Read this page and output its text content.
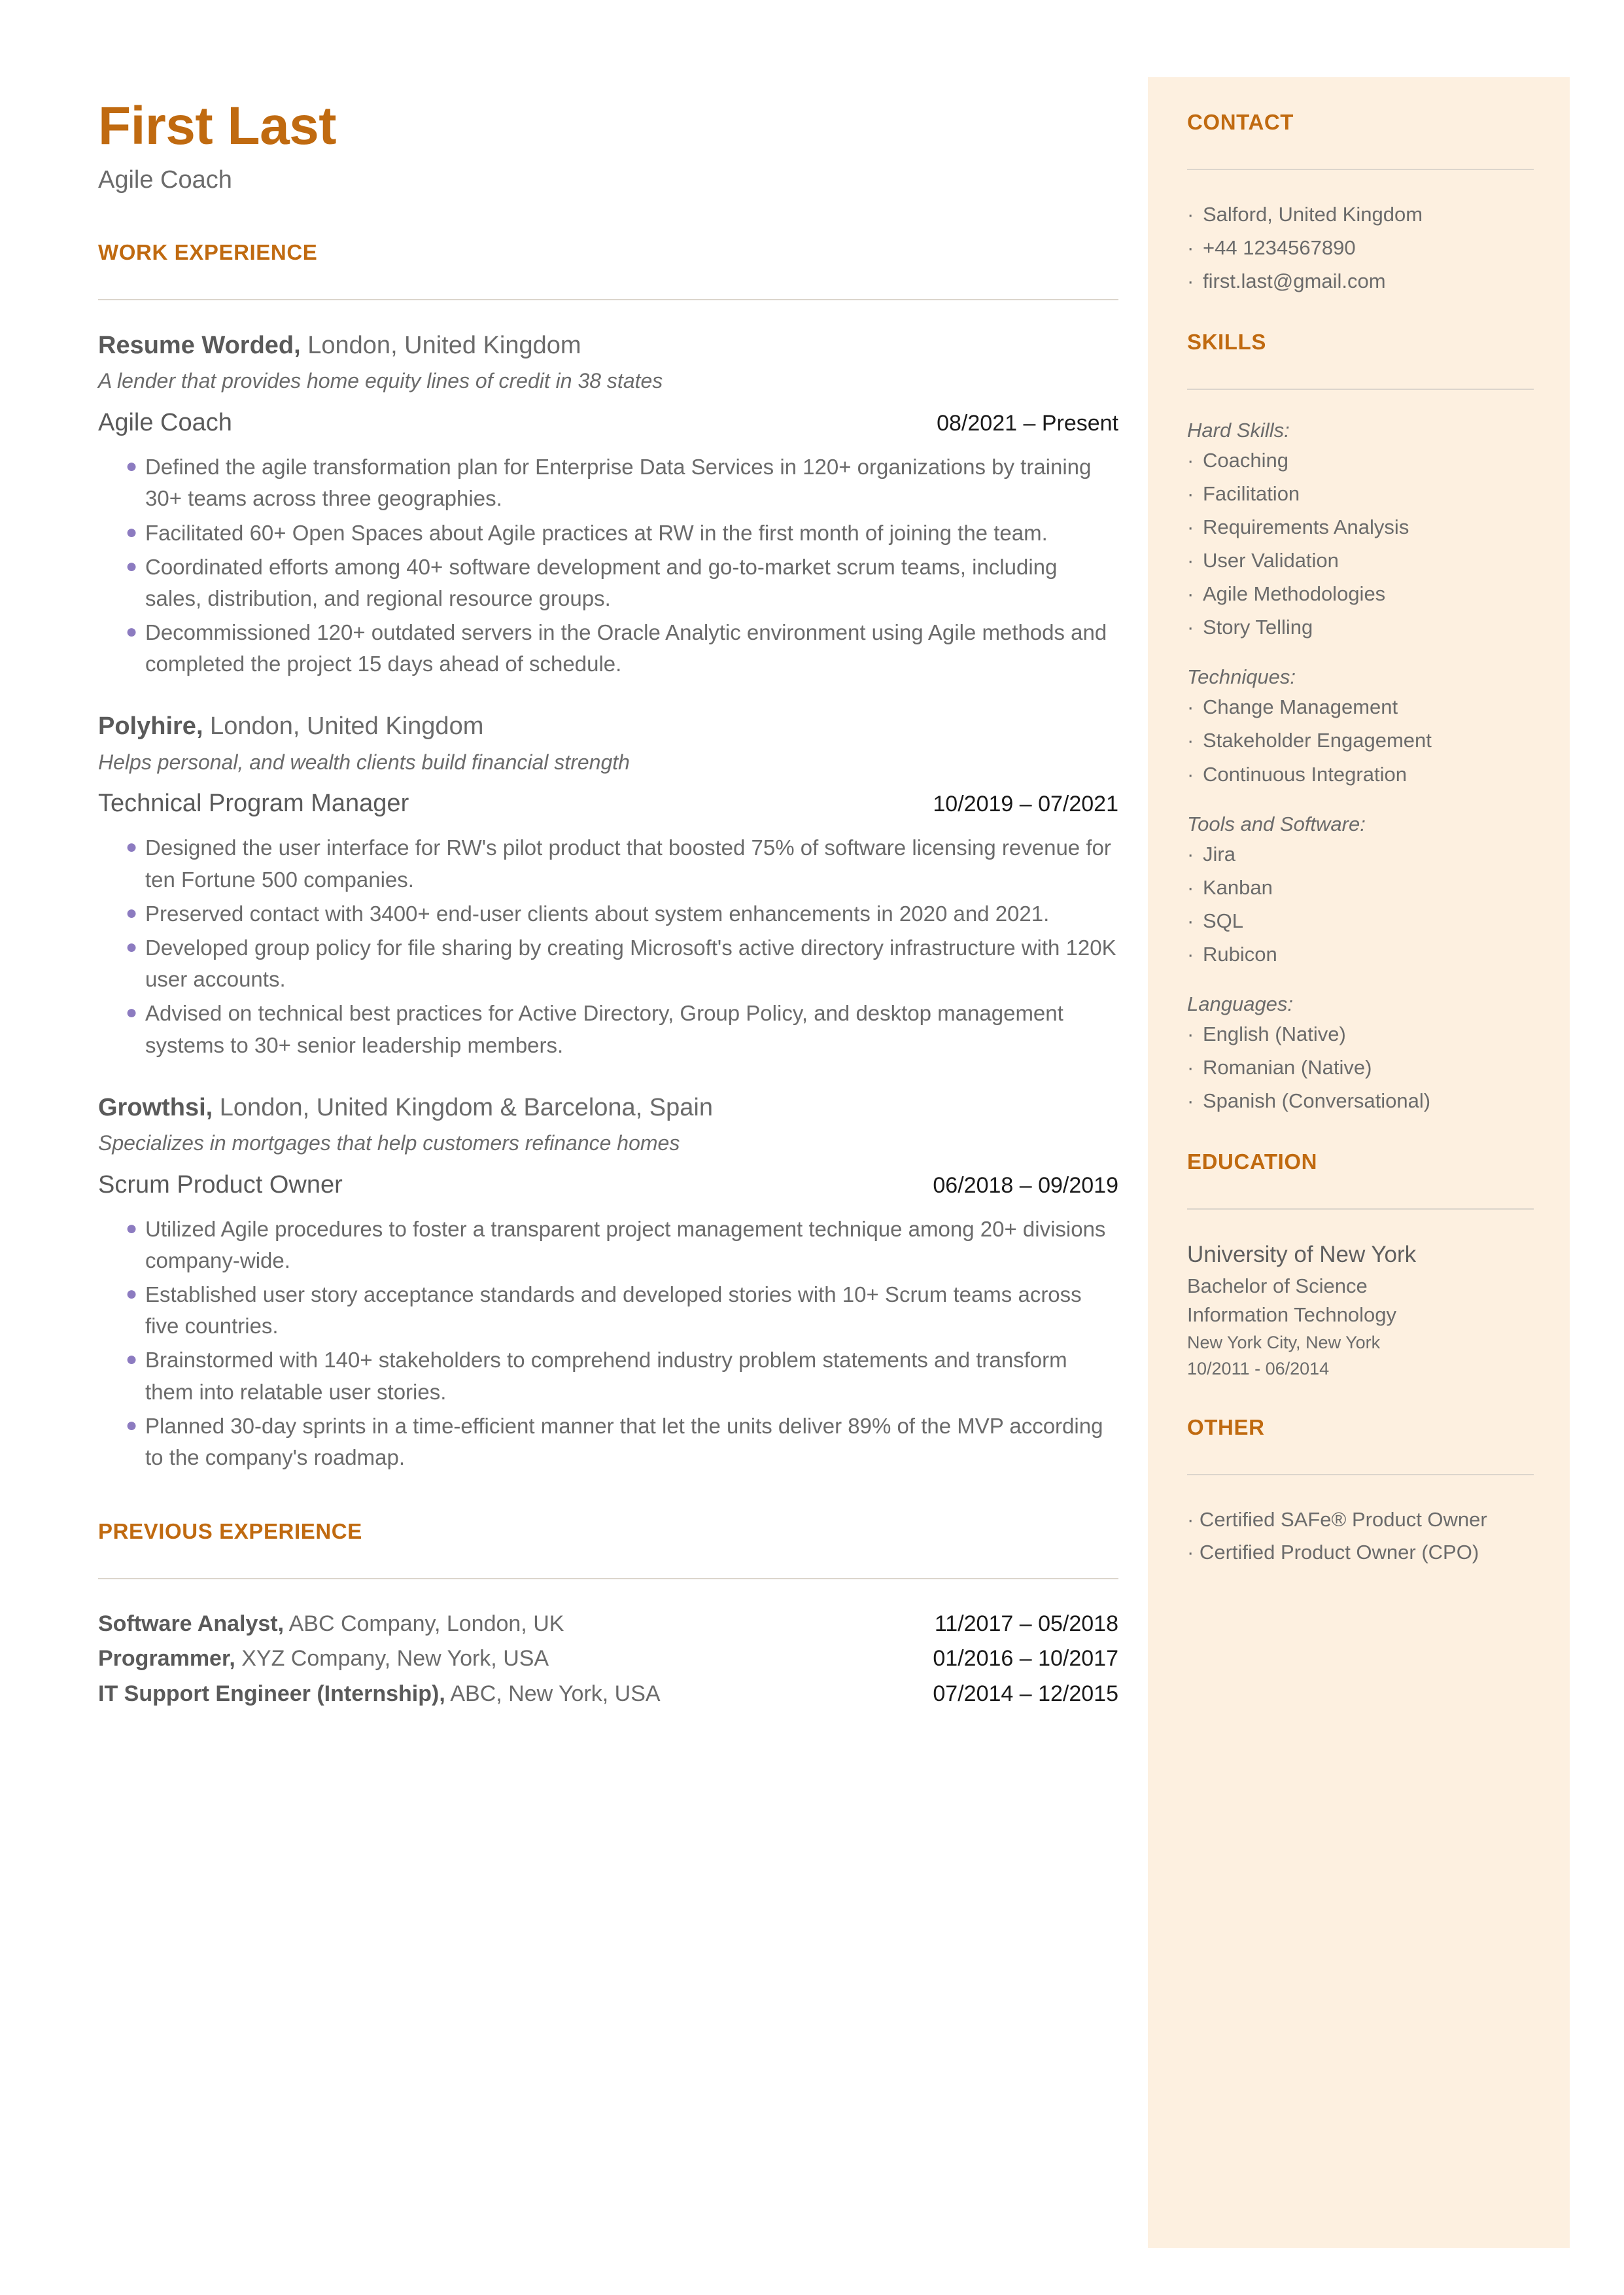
First Last
Agile Coach
WORK EXPERIENCE
Resume Worded, London, United Kingdom
A lender that provides home equity lines of credit in 38 states
Agile Coach	08/2021 – Present
● Defined the agile transformation plan for Enterprise Data Services in 120+ organizations by training 30+ teams across three geographies.
● Facilitated 60+ Open Spaces about Agile practices at RW in the first month of joining the team.
● Coordinated efforts among 40+ software development and go-to-market scrum teams, including sales, distribution, and regional resource groups.
● Decommissioned 120+ outdated servers in the Oracle Analytic environment using Agile methods and completed the project 15 days ahead of schedule.
Polyhire, London, United Kingdom
Helps personal, and wealth clients build financial strength
Technical Program Manager	10/2019 – 07/2021
● Designed the user interface for RW's pilot product that boosted 75% of software licensing revenue for ten Fortune 500 companies.
● Preserved contact with 3400+ end-user clients about system enhancements in 2020 and 2021.
● Developed group policy for file sharing by creating Microsoft's active directory infrastructure with 120K user accounts.
● Advised on technical best practices for Active Directory, Group Policy, and desktop management systems to 30+ senior leadership members.
Growthsi, London, United Kingdom & Barcelona, Spain
Specializes in mortgages that help customers refinance homes
Scrum Product Owner	06/2018 – 09/2019
● Utilized Agile procedures to foster a transparent project management technique among 20+ divisions company-wide.
● Established user story acceptance standards and developed stories with 10+ Scrum teams across five countries.
● Brainstormed with 140+ stakeholders to comprehend industry problem statements and transform them into relatable user stories.
● Planned 30-day sprints in a time-efficient manner that let the units deliver 89% of the MVP according to the company's roadmap.
PREVIOUS EXPERIENCE
Software Analyst, ABC Company, London, UK	11/2017 – 05/2018
Programmer, XYZ Company, New York, USA	01/2016 – 10/2017
IT Support Engineer (Internship), ABC, New York, USA	07/2014 – 12/2015
CONTACT
· Salford, United Kingdom
· +44 1234567890
· first.last@gmail.com
SKILLS
Hard Skills:
· Coaching
· Facilitation
· Requirements Analysis
· User Validation
· Agile Methodologies
· Story Telling
Techniques:
· Change Management
· Stakeholder Engagement
· Continuous Integration
Tools and Software:
· Jira
· Kanban
· SQL
· Rubicon
Languages:
· English (Native)
· Romanian (Native)
· Spanish (Conversational)
EDUCATION
University of New York
Bachelor of Science
Information Technology
New York City, New York
10/2011 - 06/2014
OTHER
· Certified SAFe® Product Owner
· Certified Product Owner (CPO)
